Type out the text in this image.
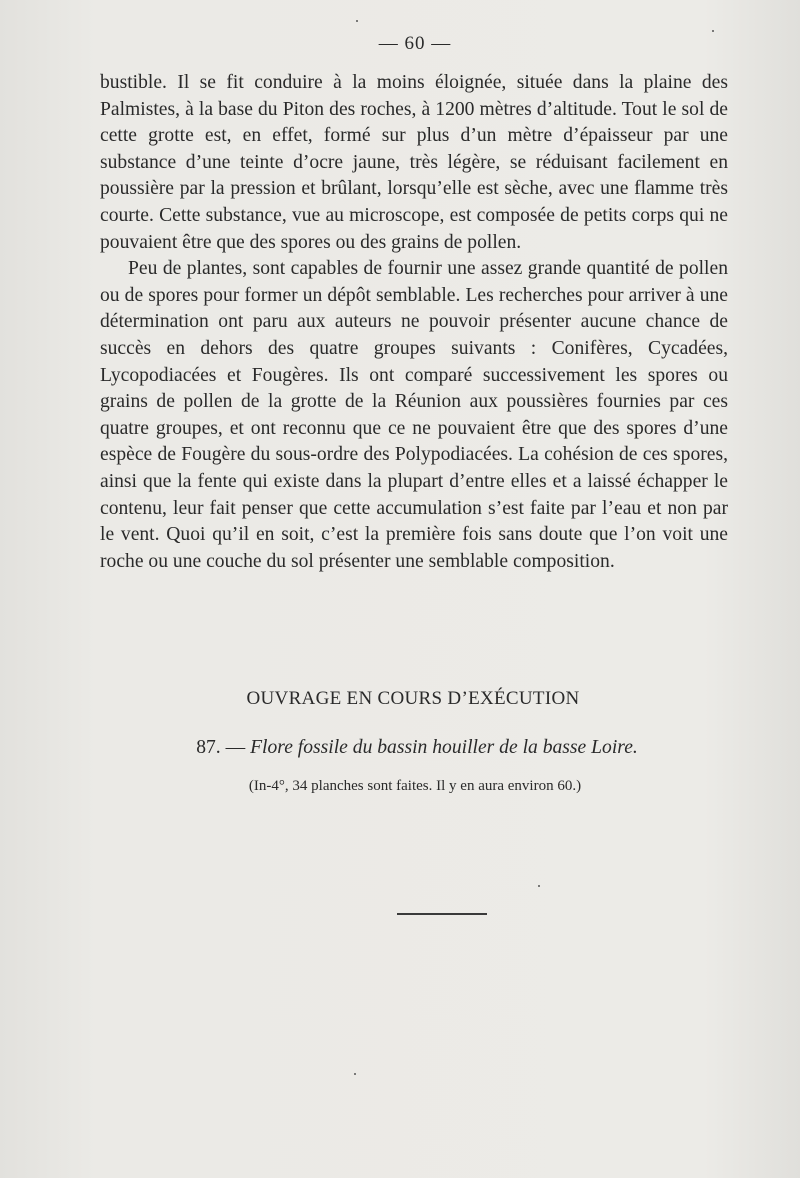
— 60 —

bustible. Il se fit conduire à la moins éloignée, située dans la plaine des Palmistes, à la base du Piton des roches, à 1200 mètres d’altitude. Tout le sol de cette grotte est, en effet, formé sur plus d’un mètre d’épaisseur par une substance d’une teinte d’ocre jaune, très légère, se réduisant facilement en poussière par la pression et brûlant, lorsqu’elle est sèche, avec une flamme très courte. Cette substance, vue au microscope, est composée de petits corps qui ne pouvaient être que des spores ou des grains de pollen.

Peu de plantes, sont capables de fournir une assez grande quantité de pollen ou de spores pour former un dépôt semblable. Les recherches pour arriver à une détermination ont paru aux auteurs ne pouvoir présenter aucune chance de succès en dehors des quatre groupes suivants : Conifères, Cycadées, Lycopodiacées et Fougères. Ils ont comparé successivement les spores ou grains de pollen de la grotte de la Réunion aux poussières fournies par ces quatre groupes, et ont reconnu que ce ne pouvaient être que des spores d’une espèce de Fougère du sous-ordre des Polypodiacées. La cohésion de ces spores, ainsi que la fente qui existe dans la plupart d’entre elles et a laissé échapper le contenu, leur fait penser que cette accumulation s’est faite par l’eau et non par le vent. Quoi qu’il en soit, c’est la première fois sans doute que l’on voit une roche ou une couche du sol présenter une semblable composition.

OUVRAGE EN COURS D’EXÉCUTION
87. — Flore fossile du bassin houiller de la basse Loire.
(In-4°, 34 planches sont faites. Il y en aura environ 60.)
